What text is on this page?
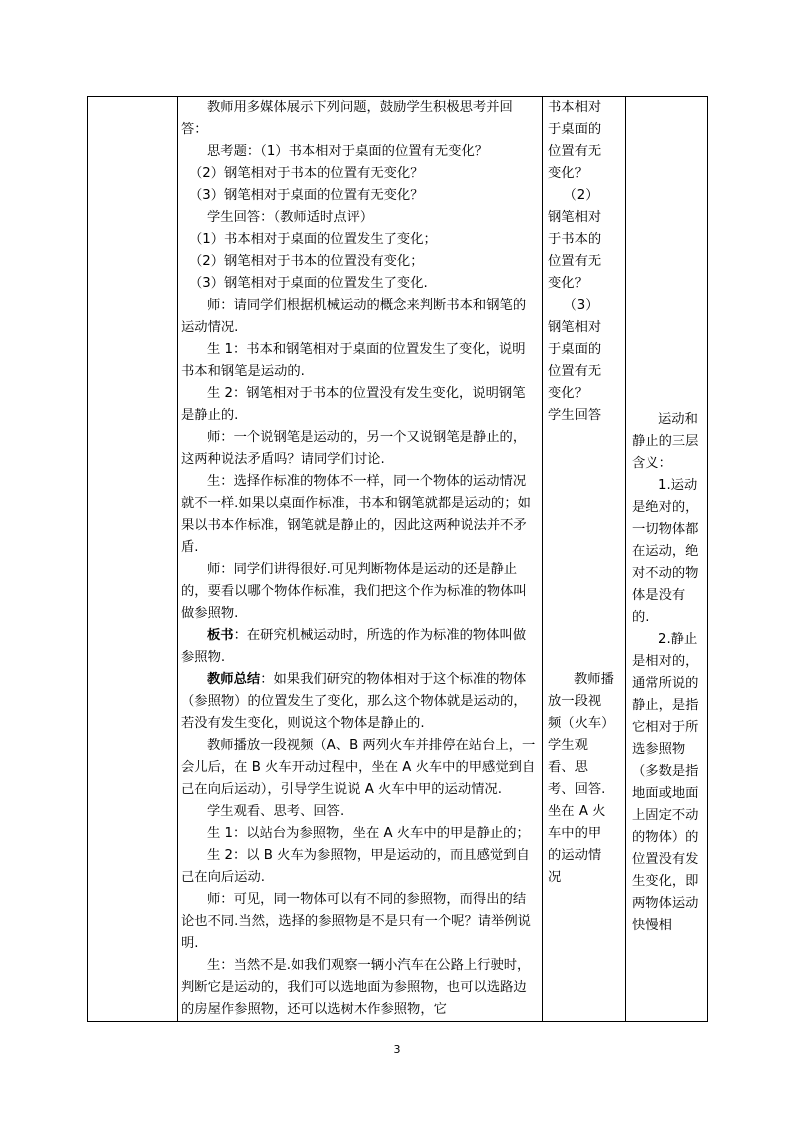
教师用多媒体展示下列问题，鼓励学生积极思考并回答：

思考题：（1）书本相对于桌面的位置有无变化？

（2）钢笔相对于书本的位置有无变化？

（3）钢笔相对于桌面的位置有无变化？

学生回答：（教师适时点评）

（1）书本相对于桌面的位置发生了变化；

（2）钢笔相对于书本的位置没有变化；

（3）钢笔相对于桌面的位置发生了变化.

师：请同学们根据机械运动的概念来判断书本和钢笔的运动情况.

生 1：书本和钢笔相对于桌面的位置发生了变化，说明书本和钢笔是运动的.

生 2：钢笔相对于书本的位置没有发生变化，说明钢笔是静止的.

师：一个说钢笔是运动的，另一个又说钢笔是静止的，这两种说法矛盾吗？请同学们讨论.

生：选择作标准的物体不一样，同一个物体的运动情况就不一样.如果以桌面作标准，书本和钢笔就都是运动的；如果以书本作标准，钢笔就是静止的，因此这两种说法并不矛盾.

师：同学们讲得很好.可见判断物体是运动的还是静止的，要看以哪个物体作标准，我们把这个作为标准的物体叫做参照物.

板书：在研究机械运动时，所选的作为标准的物体叫做参照物.

教师总结：如果我们研究的物体相对于这个标准的物体（参照物）的位置发生了变化，那么这个物体就是运动的，若没有发生变化，则说这个物体是静止的.

教师播放一段视频（A、B 两列火车并排停在站台上，一会儿后，在 B 火车开动过程中，坐在 A 火车中的甲感觉到自己在向后运动），引导学生说说 A 火车中甲的运动情况.

学生观看、思考、回答.

生 1：以站台为参照物，坐在 A 火车中的甲是静止的；

生 2：以 B 火车为参照物，甲是运动的，而且感觉到自己在向后运动.

师：可见，同一物体可以有不同的参照物，而得出的结论也不同.当然，选择的参照物是不是只有一个呢？请举例说明.

生：当然不是.如我们观察一辆小汽车在公路上行驶时，判断它是运动的，我们可以选地面为参照物，也可以选路边的房屋作参照物，还可以选树木作参照物，它

书本相对于桌面的位置有无变化？

（2）

钢笔相对于书本的位置有无变化？

（3）

钢笔相对于桌面的位置有无变化？

学生回答

教师播放一段视频（火车）学生观看、思考、回答.坐在 A 火车中的甲的运动情况

运动和静止的三层含义：

1.运动是绝对的，一切物体都在运动，绝对不动的物体是没有的.

2.静止是相对的，通常所说的静止，是指它相对于所选参照物（多数是指地面或地面上固定不动的物体）的位置没有发生变化，即两物体运动快慢相

3
